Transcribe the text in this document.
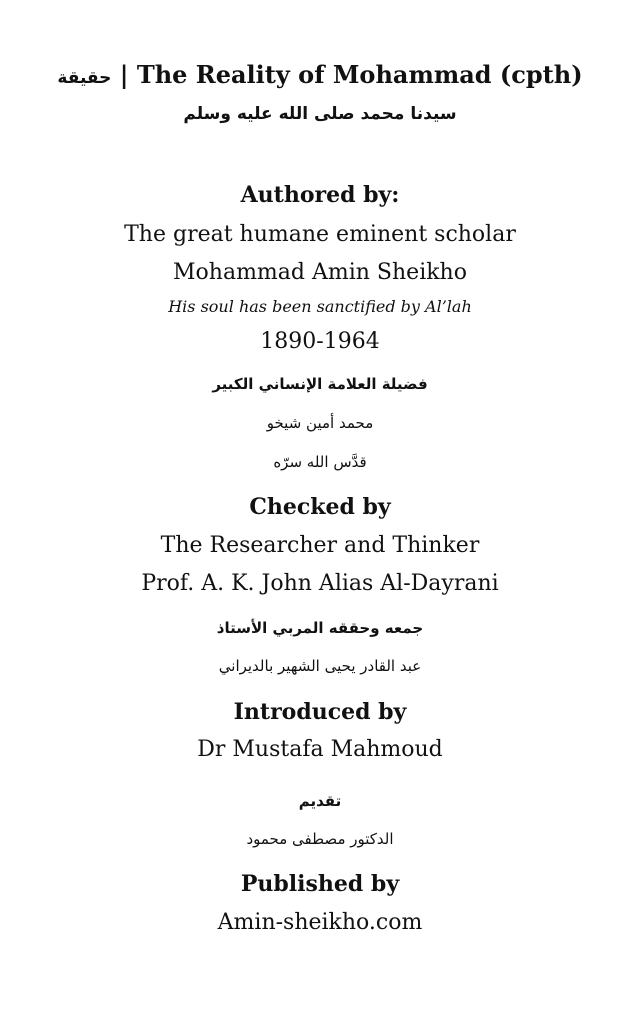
حقيقة | The Reality of Mohammad (cpth)
سيدنا محمد صلى الله عليه وسلم
Authored by:
The great humane eminent scholar
Mohammad Amin Sheikho
His soul has been sanctified by Al’lah
1890-1964
فضيلة العلامة الإنساني الكبير
محمد أمين شيخو
قدَّس الله سرّه
Checked by
The Researcher and Thinker
Prof. A. K. John Alias Al-Dayrani
جمعه وحققه المربي الأستاذ
عبد القادر يحيى الشهير بالديراني
Introduced by
Dr Mustafa Mahmoud
تقديم
الدكتور مصطفى محمود
Published by
Amin-sheikho.com
